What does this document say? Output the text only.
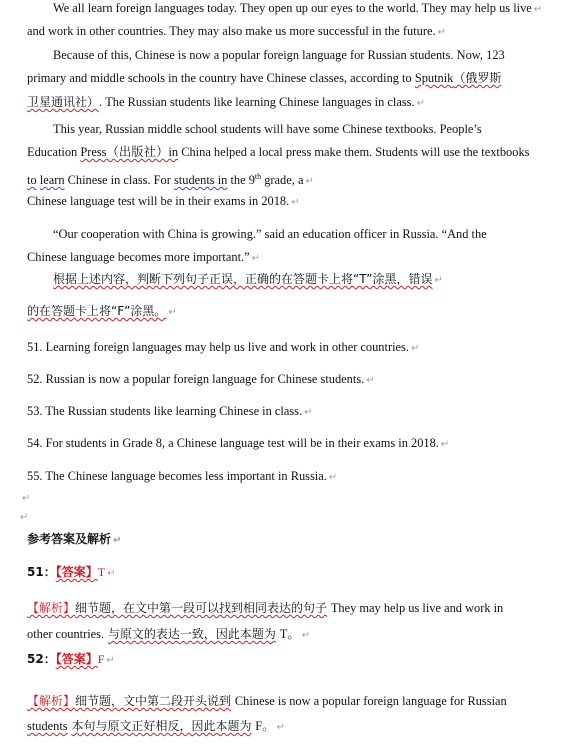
We all learn foreign languages today. They open up our eyes to the world. They may help us live ↵
and work in other countries. They may also make us more successful in the future. ↵
Because of this, Chinese is now a popular foreign language for Russian students. Now, 123
primary and middle schools in the country have Chinese classes, according to Sputnik（俄罗斯
卫星通讯社）. The Russian students like learning Chinese languages in class. ↵
This year, Russian middle school students will have some Chinese textbooks. People’s
Education Press（出版社）in China helped a local press make them. Students will use the textbooks
to learn Chinese in class. For students in the 9th grade, a ↵
Chinese language test will be in their exams in 2018. ↵
“Our cooperation with China is growing.” said an education officer in Russia. “And the
Chinese language becomes more important.” ↵
根据上述内容，判断下列句子正误，正确的在答题卡上将“T”涂黑，错误 ↵
的在答题卡上将“F”涂黑。 ↵
51. Learning foreign languages may help us live and work in other countries. ↵
52. Russian is now a popular foreign language for Chinese students. ↵
53. The Russian students like learning Chinese in class. ↵
54. For students in Grade 8, a Chinese language test will be in their exams in 2018. ↵
55. The Chinese language becomes less important in Russia. ↵
↵
↵
参考答案及解析 ↵
51：【答案】T ↵
【解析】细节题，在文中第一段可以找到相同表达的句子 They may help us live and work in
other countries. 与原文的表达一致，因此本题为 T。 ↵
52：【答案】F ↵
【解析】细节题，文中第二段开头说到 Chinese is now a popular foreign language for Russian
students 本句与原文正好相反，因此本题为 F。 ↵
